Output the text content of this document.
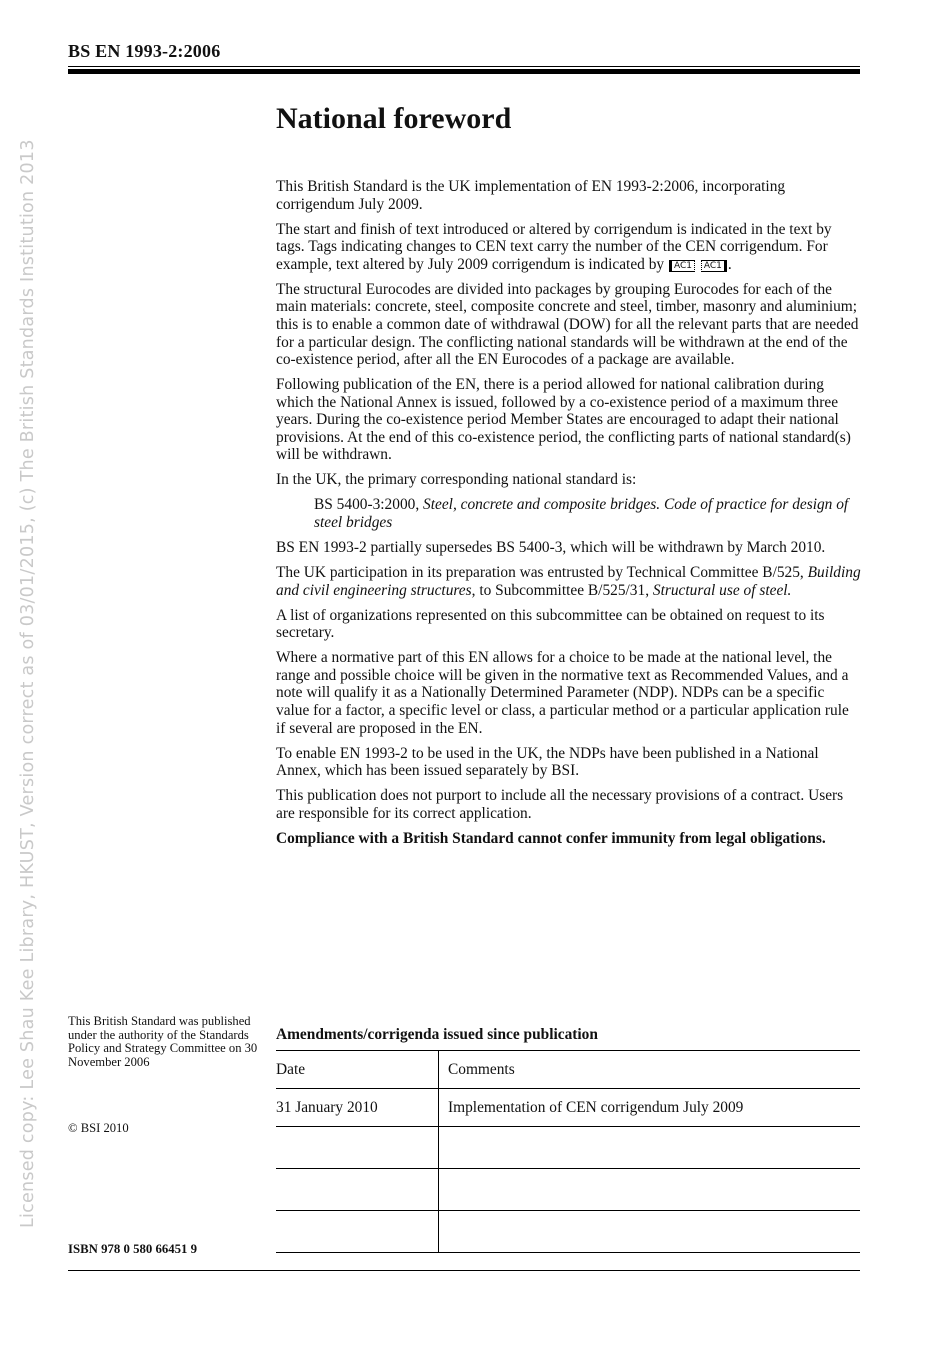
BS EN 1993-2:2006
Licensed copy: Lee Shau Kee Library, HKUST, Version correct as of 03/01/2015, (c) The British Standards Institution 2013
National foreword

This British Standard is the UK implementation of EN 1993-2:2006, incorporating corrigendum July 2009.

The start and finish of text introduced or altered by corrigendum is indicated in the text by tags. Tags indicating changes to CEN text carry the number of the CEN corrigendum. For example, text altered by July 2009 corrigendum is indicated by AC1 AC1 .

The structural Eurocodes are divided into packages by grouping Eurocodes for each of the main materials: concrete, steel, composite concrete and steel, timber, masonry and aluminium; this is to enable a common date of withdrawal (DOW) for all the relevant parts that are needed for a particular design. The conflicting national standards will be withdrawn at the end of the co-existence period, after all the EN Eurocodes of a package are available.

Following publication of the EN, there is a period allowed for national calibration during which the National Annex is issued, followed by a co-existence period of a maximum three years. During the co-existence period Member States are encouraged to adapt their national provisions. At the end of this co-existence period, the conflicting parts of national standard(s) will be withdrawn.

In the UK, the primary corresponding national standard is:

BS 5400-3:2000, Steel, concrete and composite bridges. Code of practice for design of steel bridges

BS EN 1993-2 partially supersedes BS 5400-3, which will be withdrawn by March 2010.

The UK participation in its preparation was entrusted by Technical Committee B/525, Building and civil engineering structures, to Subcommittee B/525/31, Structural use of steel.

A list of organizations represented on this subcommittee can be obtained on request to its secretary.

Where a normative part of this EN allows for a choice to be made at the national level, the range and possible choice will be given in the normative text as Recommended Values, and a note will qualify it as a Nationally Determined Parameter (NDP). NDPs can be a specific value for a factor, a specific level or class, a particular method or a particular application rule if several are proposed in the EN.

To enable EN 1993-2 to be used in the UK, the NDPs have been published in a National Annex, which has been issued separately by BSI.

This publication does not purport to include all the necessary provisions of a contract. Users are responsible for its correct application.

Compliance with a British Standard cannot confer immunity from legal obligations.

This British Standard was published under the authority of the Standards Policy and Strategy Committee on 30 November 2006
© BSI 2010
ISBN 978 0 580 66451 9
Amendments/corrigenda issued since publication
Date	Comments
31 January 2010	Implementation of CEN corrigendum July 2009
